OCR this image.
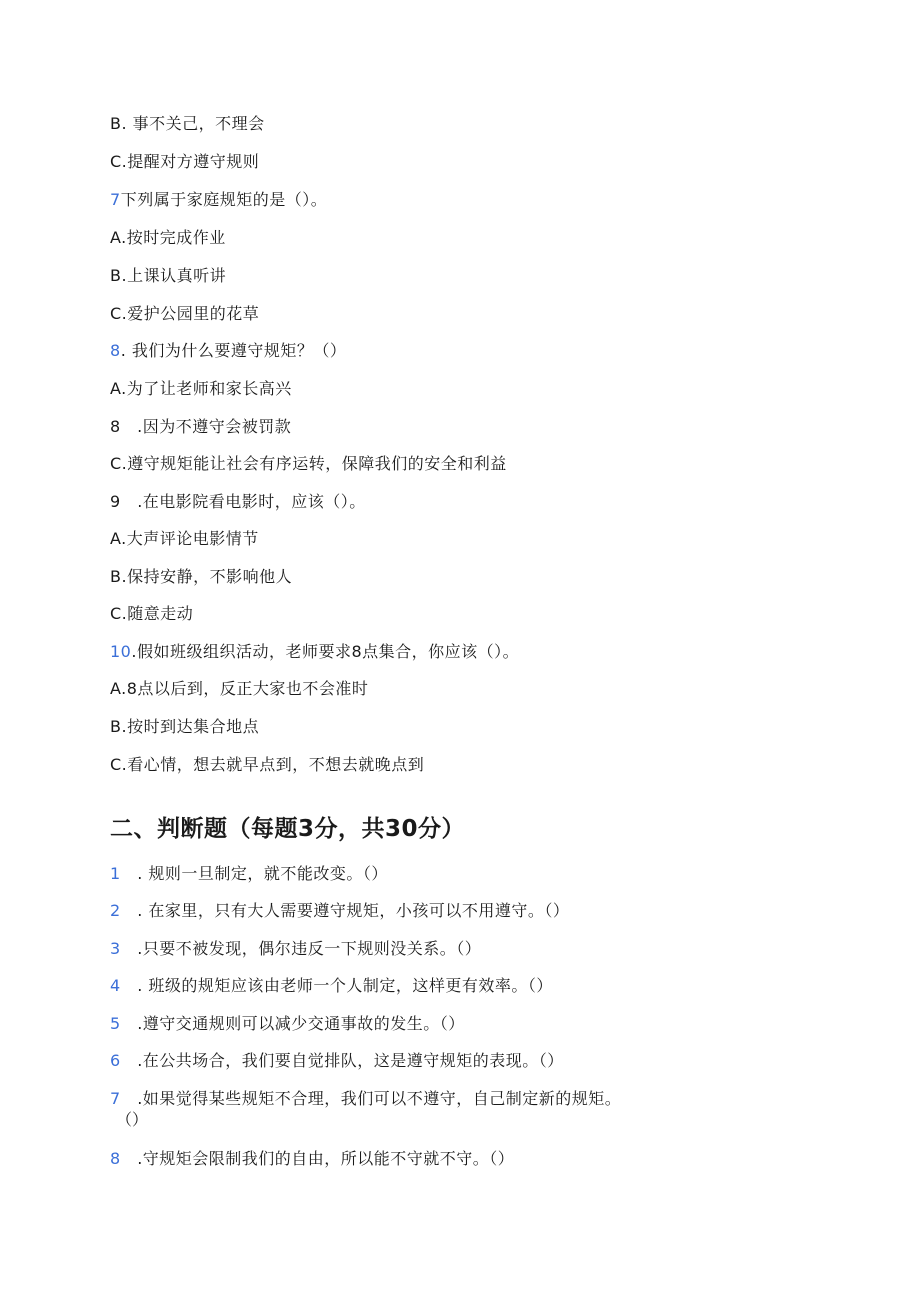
B. 事不关己，不理会
C.提醒对方遵守规则
7下列属于家庭规矩的是（）。
A.按时完成作业
B.上课认真听讲
C.爱护公园里的花草
8. 我们为什么要遵守规矩？（）
A.为了让老师和家长高兴
8　.因为不遵守会被罚款
C.遵守规矩能让社会有序运转，保障我们的安全和利益
9　.在电影院看电影时，应该（）。
A.大声评论电影情节
B.保持安静，不影响他人
C.随意走动
10.假如班级组织活动，老师要求8点集合，你应该（）。
A.8点以后到，反正大家也不会准时
B.按时到达集合地点
C.看心情，想去就早点到，不想去就晚点到
二、判断题（每题3分，共30分）
1　. 规则一旦制定，就不能改变。（）
2　. 在家里，只有大人需要遵守规矩，小孩可以不用遵守。（）
3　.只要不被发现，偶尔违反一下规则没关系。（）
4　. 班级的规矩应该由老师一个人制定，这样更有效率。（）
5　.遵守交通规则可以减少交通事故的发生。（）
6　.在公共场合，我们要自觉排队，这是遵守规矩的表现。（）
7　.如果觉得某些规矩不合理，我们可以不遵守，自己制定新的规矩。
（）
8　.守规矩会限制我们的自由，所以能不守就不守。（）
